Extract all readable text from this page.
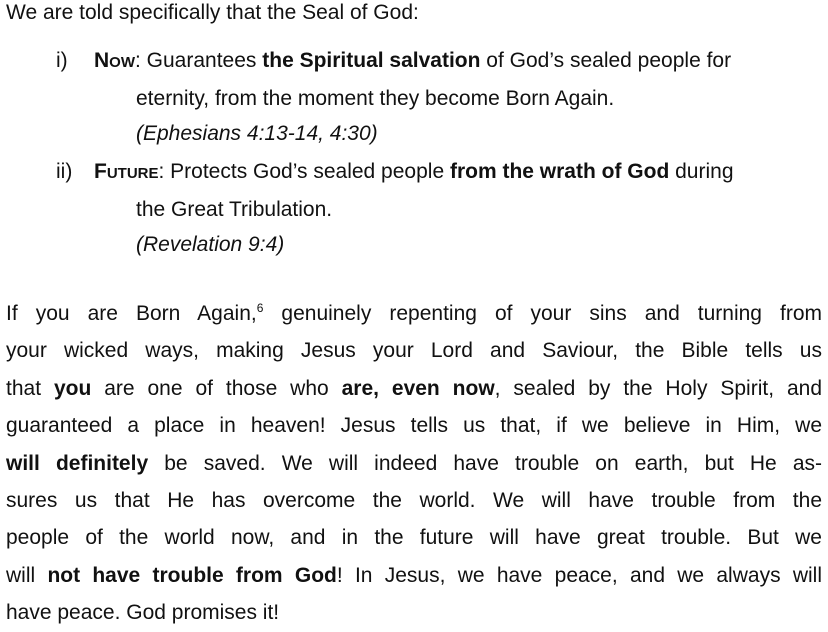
We are told specifically that the Seal of God:
i) Now: Guarantees the Spiritual salvation of God’s sealed people for
eternity, from the moment they become Born Again.
(Ephesians 4:13-14, 4:30)
ii) Future: Protects God’s sealed people from the wrath of God during
the Great Tribulation.
(Revelation 9:4)
If you are Born Again,$^6$ genuinely repenting of your sins and turning from
your wicked ways, making Jesus your Lord and Saviour, the Bible tells us
that you are one of those who are, even now, sealed by the Holy Spirit, and
guaranteed a place in heaven! Jesus tells us that, if we believe in Him, we
will definitely be saved. We will indeed have trouble on earth, but He as-
sures us that He has overcome the world. We will have trouble from the
people of the world now, and in the future will have great trouble. But we
will not have trouble from God! In Jesus, we have peace, and we always will
have peace. God promises it!
